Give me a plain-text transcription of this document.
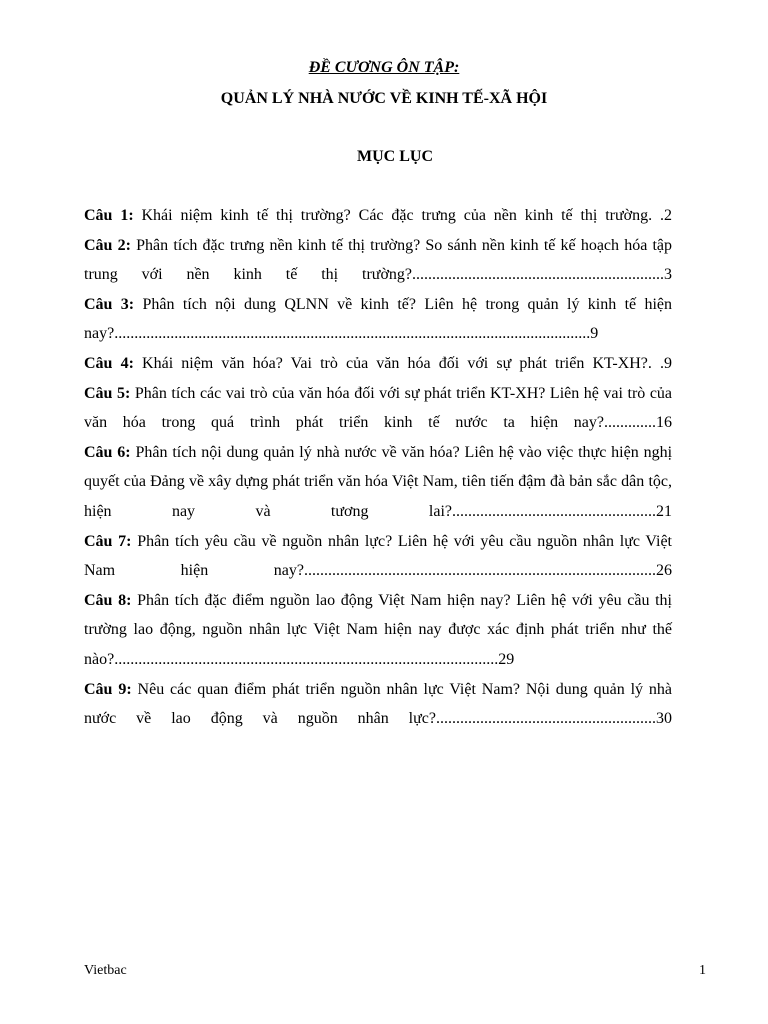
ĐỀ CƯƠNG ÔN TẬP:
QUẢN LÝ NHÀ NƯỚC VỀ KINH TẾ-XÃ HỘI
MỤC LỤC

Câu 1: Khái niệm kinh tế thị trường? Các đặc trưng của nền kinh tế thị trường. .2

Câu 2: Phân tích đặc trưng nền kinh tế thị trường? So sánh nền kinh tế kế hoạch hóa tập trung với nền kinh tế thị trường?...............................................................3

Câu 3: Phân tích nội dung QLNN về kinh tế? Liên hệ trong quản lý kinh tế hiện nay?.......................................................................................................................9

Câu 4: Khái niệm văn hóa? Vai trò của văn hóa đối với sự phát triển KT-XH?. .9

Câu 5: Phân tích các vai trò của văn hóa đối với sự phát triển KT-XH? Liên hệ vai trò của văn hóa trong quá trình phát triển kinh tế nước ta hiện nay?.............16

Câu 6: Phân tích nội dung quản lý nhà nước về văn hóa? Liên hệ vào việc thực hiện nghị quyết của Đảng về xây dựng phát triển văn hóa Việt Nam, tiên tiến đậm đà bản sắc dân tộc, hiện nay và tương lai?...................................................21

Câu 7: Phân tích yêu cầu về nguồn nhân lực? Liên hệ với yêu cầu nguồn nhân lực Việt Nam hiện nay?........................................................................................26

Câu 8: Phân tích đặc điểm nguồn lao động Việt Nam hiện nay? Liên hệ với yêu cầu thị trường lao động, nguồn nhân lực Việt Nam hiện nay được xác định phát triển như thế nào?................................................................................................29

Câu 9: Nêu các quan điểm phát triển nguồn nhân lực Việt Nam? Nội dung quản lý nhà nước về lao động và nguồn nhân lực?.......................................................30

Vietbac	1
